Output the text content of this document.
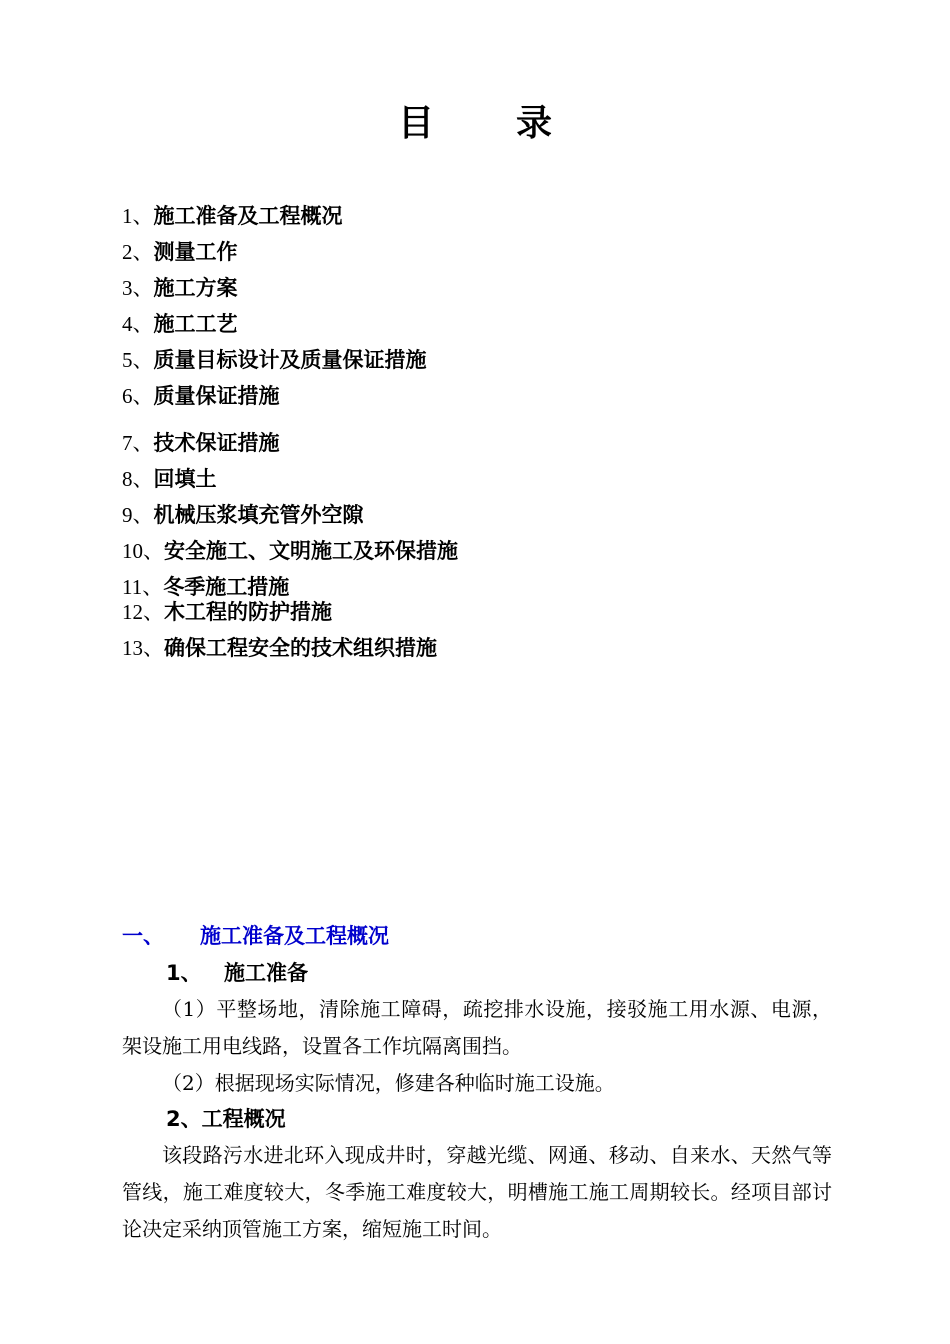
目录
1、施工准备及工程概况
2、测量工作
3、施工方案
4、施工工艺
5、质量目标设计及质量保证措施
6、质量保证措施
7、技术保证措施
8、回填土
9、机械压浆填充管外空隙
10、安全施工、文明施工及环保措施
11、冬季施工措施
12、木工程的防护措施
13、确保工程安全的技术组织措施
一、 施工准备及工程概况
1、 施工准备
（1）平整场地，清除施工障碍，疏挖排水设施，接驳施工用水源、电源，架设施工用电线路，设置各工作坑隔离围挡。
（2）根据现场实际情况，修建各种临时施工设施。
2、工程概况
该段路污水进北环入现成井时，穿越光缆、网通、移动、自来水、天然气等管线，施工难度较大，冬季施工难度较大，明槽施工施工周期较长。经项目部讨论决定采纳顶管施工方案，缩短施工时间。
